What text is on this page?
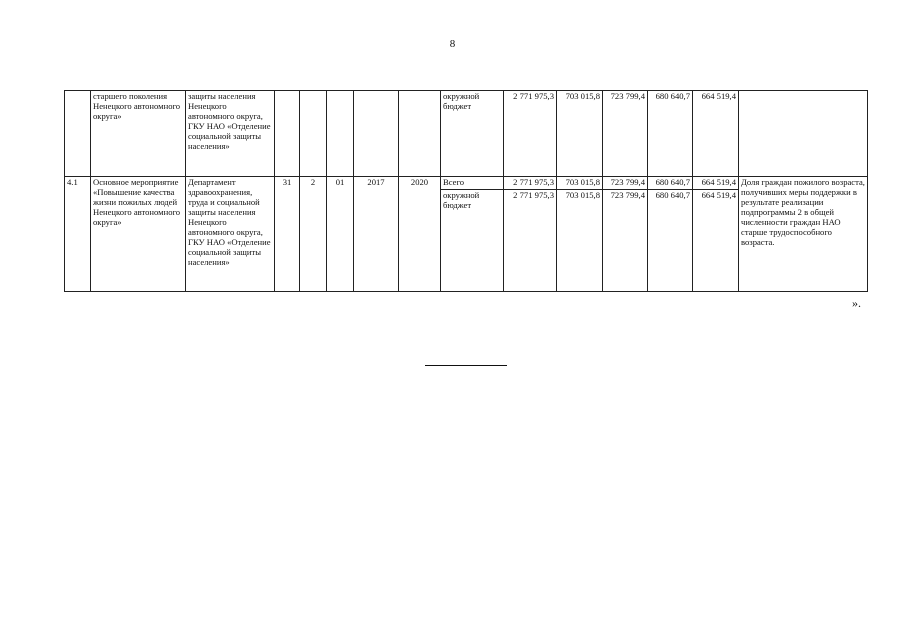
8
	старшего поколения Ненецкого автономного округа»	защиты населения Ненецкого автономного округа, ГКУ НАО «Отделение социальной защиты населения»						окружной бюджет	2 771 975,3	703 015,8	723 799,4	680 640,7	664 519,4	
4.1	Основное мероприятие «Повышение качества жизни пожилых людей Ненецкого автономного округа»	Департамент здравоохранения, труда и социальной защиты населения Ненецкого автономного округа, ГКУ НАО «Отделение социальной защиты населения»	31	2	01	2017	2020	Всего	2 771 975,3	703 015,8	723 799,4	680 640,7	664 519,4	Доля граждан пожилого возраста, получивших меры поддержки в результате реализации подпрограммы 2 в общей численности граждан НАО старше трудоспособного возраста.
								окружной бюджет	2 771 975,3	703 015,8	723 799,4	680 640,7	664 519,4	
».
